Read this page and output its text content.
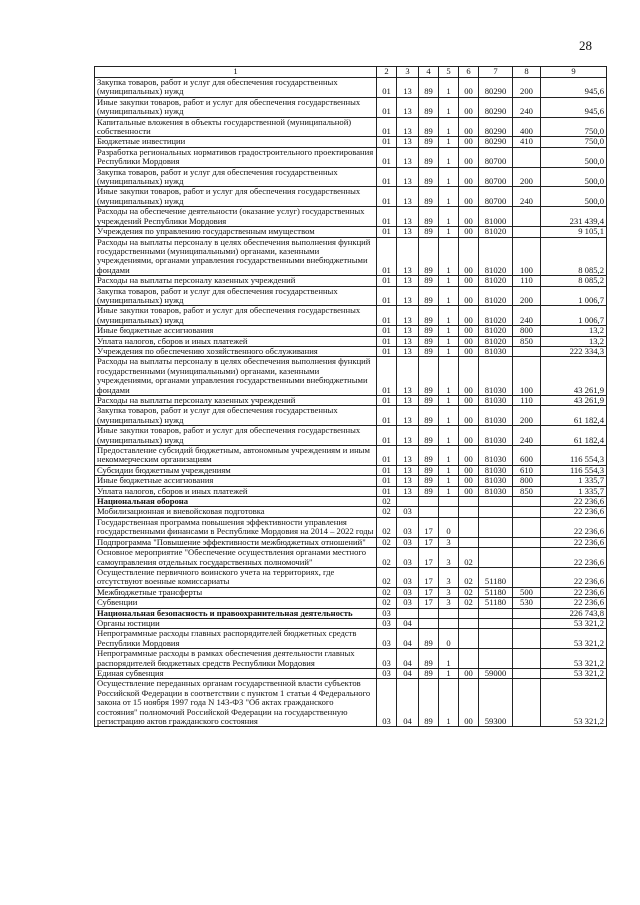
28
1	2	3	4	5	6	7	8	9
Закупка товаров, работ и услуг для обеспечения государственных (муниципальных) нужд	01	13	89	1	00	80290	200	945,6
Иные закупки товаров, работ и услуг для обеспечения государственных (муниципальных) нужд	01	13	89	1	00	80290	240	945,6
Капитальные вложения в объекты государственной (муниципальной) собственности	01	13	89	1	00	80290	400	750,0
Бюджетные инвестиции	01	13	89	1	00	80290	410	750,0
Разработка региональных нормативов градостроительного проектирования Республики Мордовия	01	13	89	1	00	80700		500,0
Закупка товаров, работ и услуг для обеспечения государственных (муниципальных) нужд	01	13	89	1	00	80700	200	500,0
Иные закупки товаров, работ и услуг для обеспечения государственных (муниципальных) нужд	01	13	89	1	00	80700	240	500,0
Расходы на обеспечение деятельности (оказание услуг) государственных учреждений Республики Мордовия	01	13	89	1	00	81000		231 439,4
Учреждения по управлению государственным имуществом	01	13	89	1	00	81020		9 105,1
Расходы на выплаты персоналу в целях обеспечения выполнения функций государственными (муниципальными) органами, казенными учреждениями, органами управления государственными внебюджетными фондами	01	13	89	1	00	81020	100	8 085,2
Расходы на выплаты персоналу казенных учреждений	01	13	89	1	00	81020	110	8 085,2
Закупка товаров, работ и услуг для обеспечения государственных (муниципальных) нужд	01	13	89	1	00	81020	200	1 006,7
Иные закупки товаров, работ и услуг для обеспечения государственных (муниципальных) нужд	01	13	89	1	00	81020	240	1 006,7
Иные бюджетные ассигнования	01	13	89	1	00	81020	800	13,2
Уплата налогов, сборов и иных платежей	01	13	89	1	00	81020	850	13,2
Учреждения по обеспечению хозяйственного обслуживания	01	13	89	1	00	81030		222 334,3
Расходы на выплаты персоналу в целях обеспечения выполнения функций государственными (муниципальными) органами, казенными учреждениями, органами управления государственными внебюджетными фондами	01	13	89	1	00	81030	100	43 261,9
Расходы на выплаты персоналу казенных учреждений	01	13	89	1	00	81030	110	43 261,9
Закупка товаров, работ и услуг для обеспечения государственных (муниципальных) нужд	01	13	89	1	00	81030	200	61 182,4
Иные закупки товаров, работ и услуг для обеспечения государственных (муниципальных) нужд	01	13	89	1	00	81030	240	61 182,4
Предоставление субсидий бюджетным, автономным учреждениям и иным некоммерческим организациям	01	13	89	1	00	81030	600	116 554,3
Субсидии бюджетным учреждениям	01	13	89	1	00	81030	610	116 554,3
Иные бюджетные ассигнования	01	13	89	1	00	81030	800	1 335,7
Уплата налогов, сборов и иных платежей	01	13	89	1	00	81030	850	1 335,7
Национальная оборона	02							22 236,6
Мобилизационная и вневойсковая подготовка	02	03						22 236,6
Государственная программа повышения эффективности управления государственными финансами в Республике Мордовия на 2014 – 2022 годы	02	03	17	0				22 236,6
Подпрограмма "Повышение эффективности межбюджетных отношений"	02	03	17	3				22 236,6
Основное мероприятие "Обеспечение осуществления органами местного самоуправления отдельных государственных полномочий"	02	03	17	3	02			22 236,6
Осуществление первичного воинского учета на территориях, где отсутствуют военные комиссариаты	02	03	17	3	02	51180		22 236,6
Межбюджетные трансферты	02	03	17	3	02	51180	500	22 236,6
Субвенции	02	03	17	3	02	51180	530	22 236,6
Национальная безопасность и правоохранительная деятельность	03							226 743,8
Органы юстиции	03	04						53 321,2
Непрограммные расходы главных распорядителей бюджетных средств Республики Мордовия	03	04	89	0				53 321,2
Непрограммные расходы в рамках обеспечения деятельности главных распорядителей бюджетных средств Республики Мордовия	03	04	89	1				53 321,2
Единая субвенция	03	04	89	1	00	59000		53 321,2
Осуществление переданных органам государственной власти субъектов Российской Федерации в соответствии с пунктом 1 статьи 4 Федерального закона от 15 ноября 1997 года N 143-ФЗ "Об актах гражданского состояния" полномочий Российской Федерации на государственную регистрацию актов гражданского состояния	03	04	89	1	00	59300		53 321,2
